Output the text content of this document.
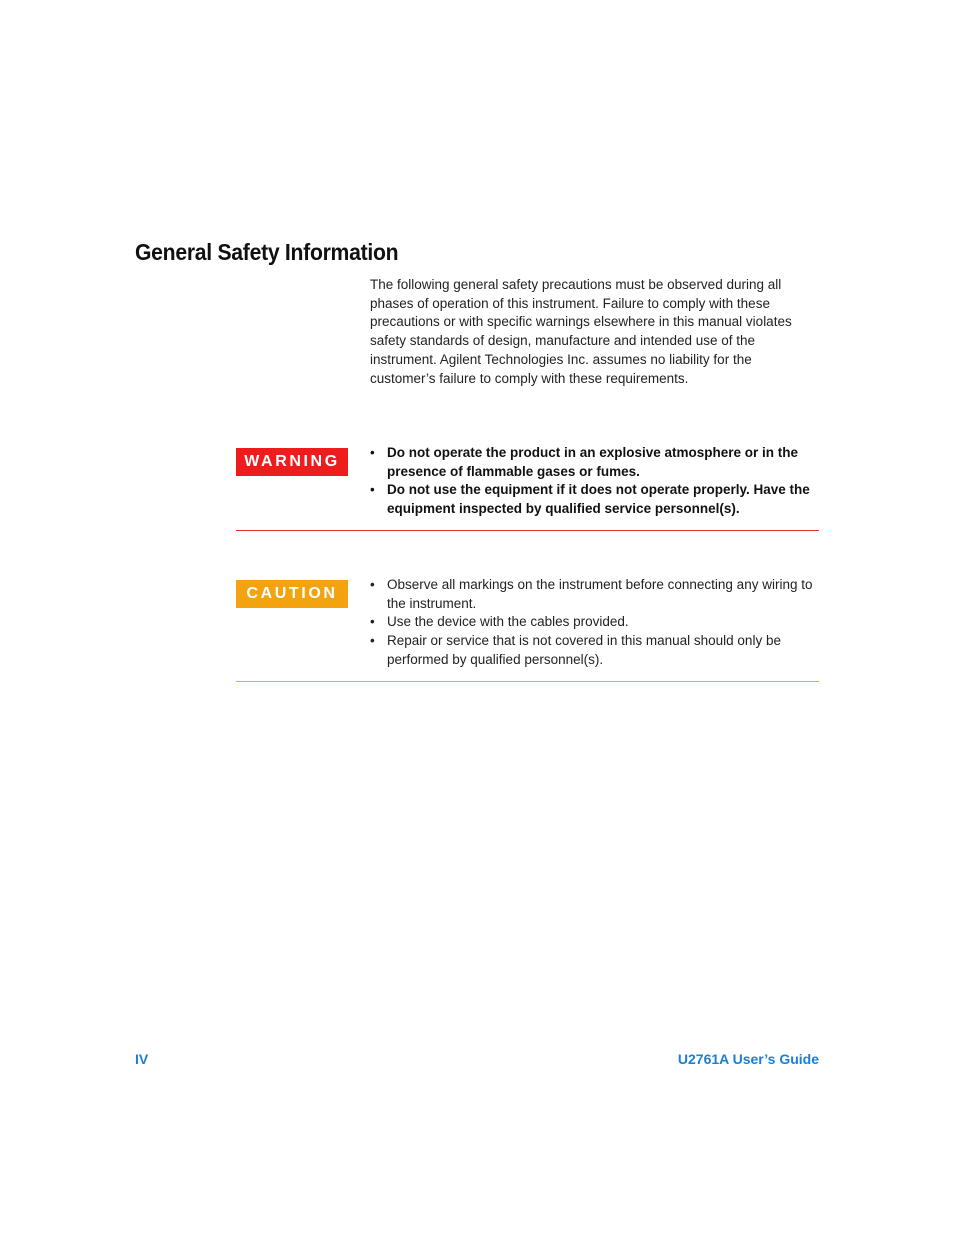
General Safety Information

The following general safety precautions must be observed during all phases of operation of this instrument. Failure to comply with these precautions or with specific warnings elsewhere in this manual violates safety standards of design, manufacture and intended use of the instrument. Agilent Technologies Inc. assumes no liability for the customer’s failure to comply with these requirements.

WARNING
• Do not operate the product in an explosive atmosphere or in the presence of flammable gases or fumes.
• Do not use the equipment if it does not operate properly. Have the equipment inspected by qualified service personnel(s).
CAUTION
• Observe all markings on the instrument before connecting any wiring to the instrument.
• Use the device with the cables provided.
• Repair or service that is not covered in this manual should only be performed by qualified personnel(s).
IV	U2761A User’s Guide
